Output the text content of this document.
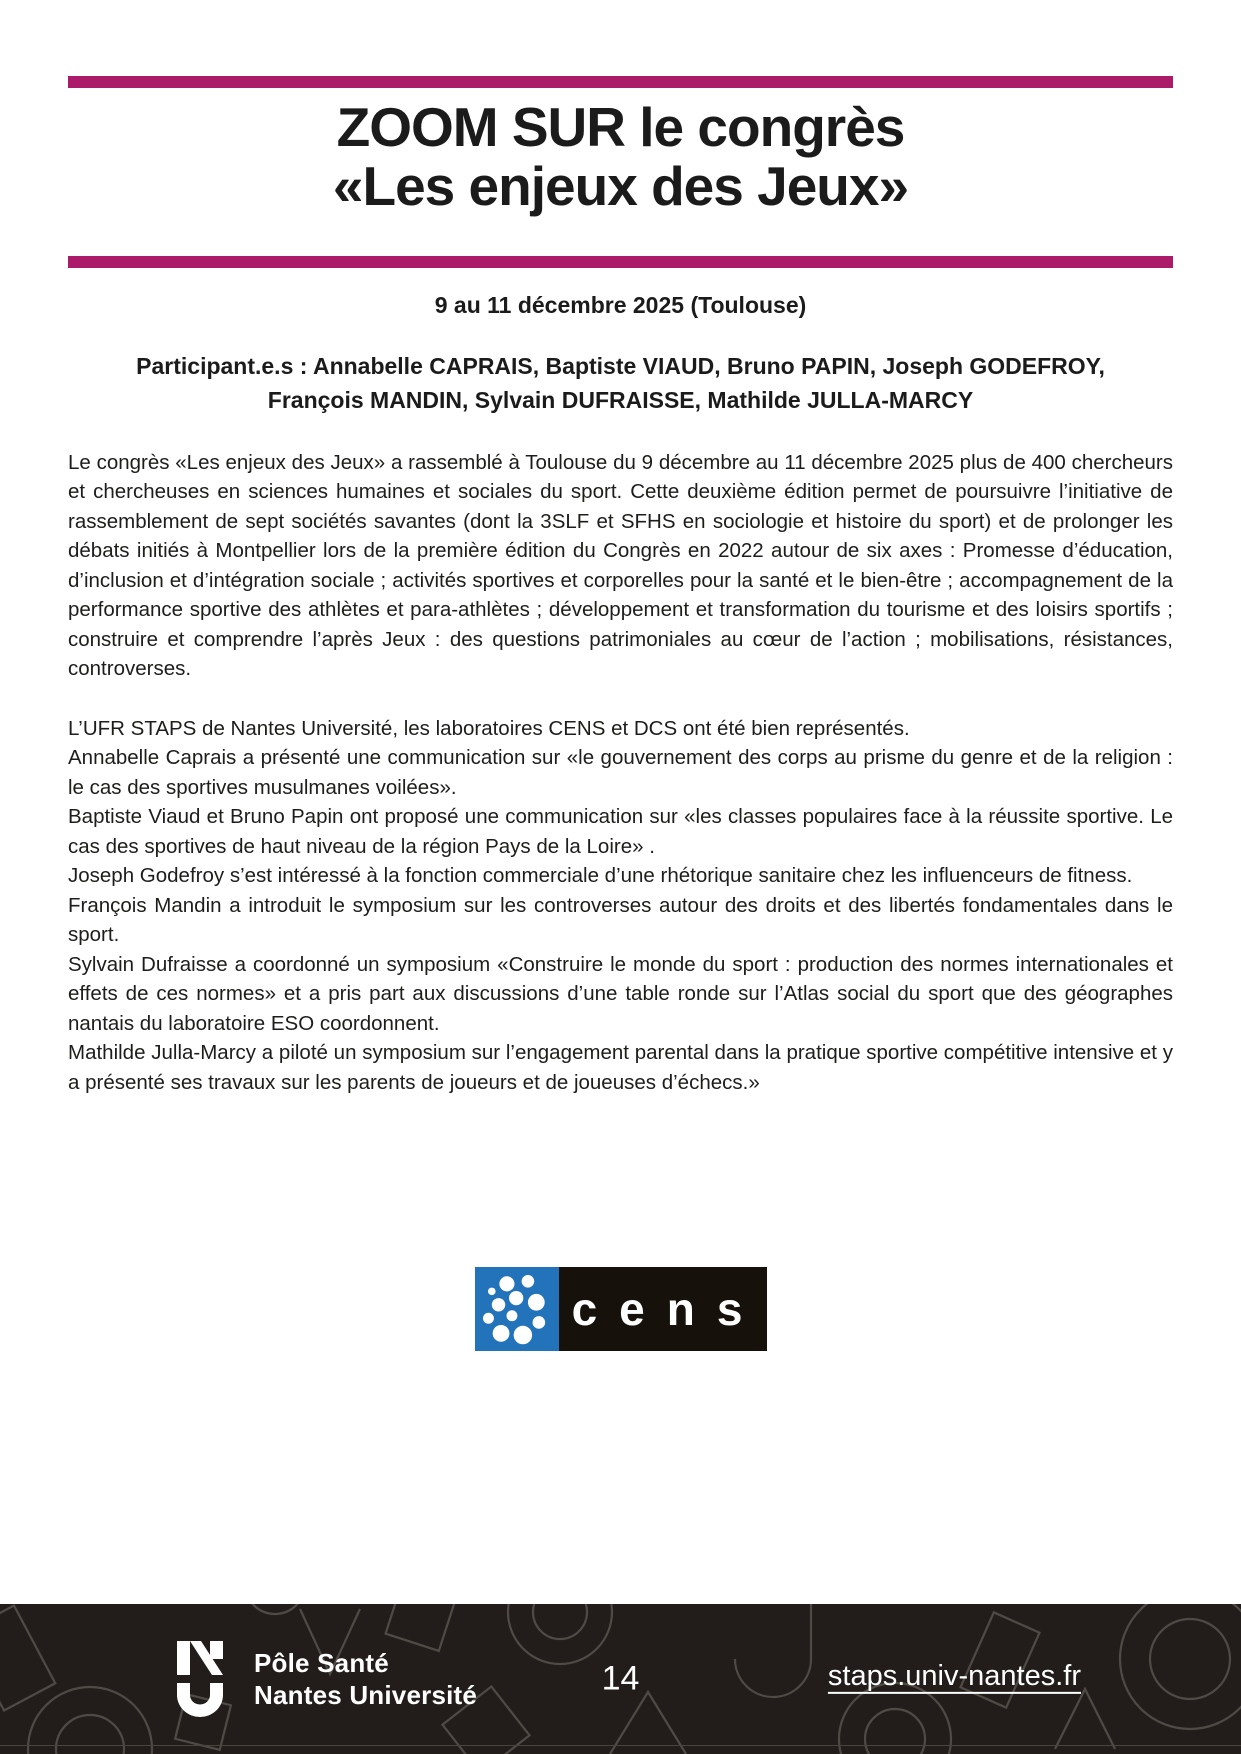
ZOOM SUR le congrès
«Les enjeux des Jeux»
9 au 11 décembre 2025 (Toulouse)
Participant.e.s : Annabelle CAPRAIS, Baptiste VIAUD, Bruno PAPIN, Joseph GODEFROY,
François MANDIN, Sylvain DUFRAISSE, Mathilde JULLA-MARCY
Le congrès «Les enjeux des Jeux» a rassemblé à Toulouse du 9 décembre au 11 décembre 2025 plus de 400 chercheurs et chercheuses en sciences humaines et sociales du sport. Cette deuxième édition permet de poursuivre l’initiative de rassemblement de sept sociétés savantes (dont la 3SLF et SFHS en sociologie et histoire du sport) et de prolonger les débats initiés à Montpellier lors de la première édition du Congrès en 2022 autour de six axes : Promesse d’éducation, d’inclusion et d’intégration sociale ; activités sportives et corporelles pour la santé et le bien-être ; accompagnement de la performance sportive des athlètes et para-athlètes ; développement et transformation du tourisme et des loisirs sportifs ; construire et comprendre l’après Jeux : des questions patrimoniales au cœur de l’action ; mobilisations, résistances, controverses.
L’UFR STAPS de Nantes Université, les laboratoires CENS et DCS ont été bien représentés.
Annabelle Caprais a présenté une communication sur «le gouvernement des corps au prisme du genre et de la religion : le cas des sportives musulmanes voilées».
Baptiste Viaud et Bruno Papin ont proposé une communication sur «les classes populaires face à la réussite sportive. Le cas des sportives de haut niveau de la région Pays de la Loire» .
Joseph Godefroy s’est intéressé à la fonction commerciale d’une rhétorique sanitaire chez les influenceurs de fitness.
François Mandin a introduit le symposium sur les controverses autour des droits et des libertés fondamentales dans le sport.
Sylvain Dufraisse a coordonné un symposium «Construire le monde du sport : production des normes internationales et effets de ces normes» et a pris part aux discussions d’une table ronde sur l’Atlas social du sport que des géographes nantais du laboratoire ESO coordonnent.
Mathilde Julla-Marcy a piloté un symposium sur l’engagement parental dans la pratique sportive compétitive intensive et y a présenté ses travaux sur les parents de joueurs et de joueuses d’échecs.»
cens
Pôle Santé
Nantes Université	14	staps.univ-nantes.fr
